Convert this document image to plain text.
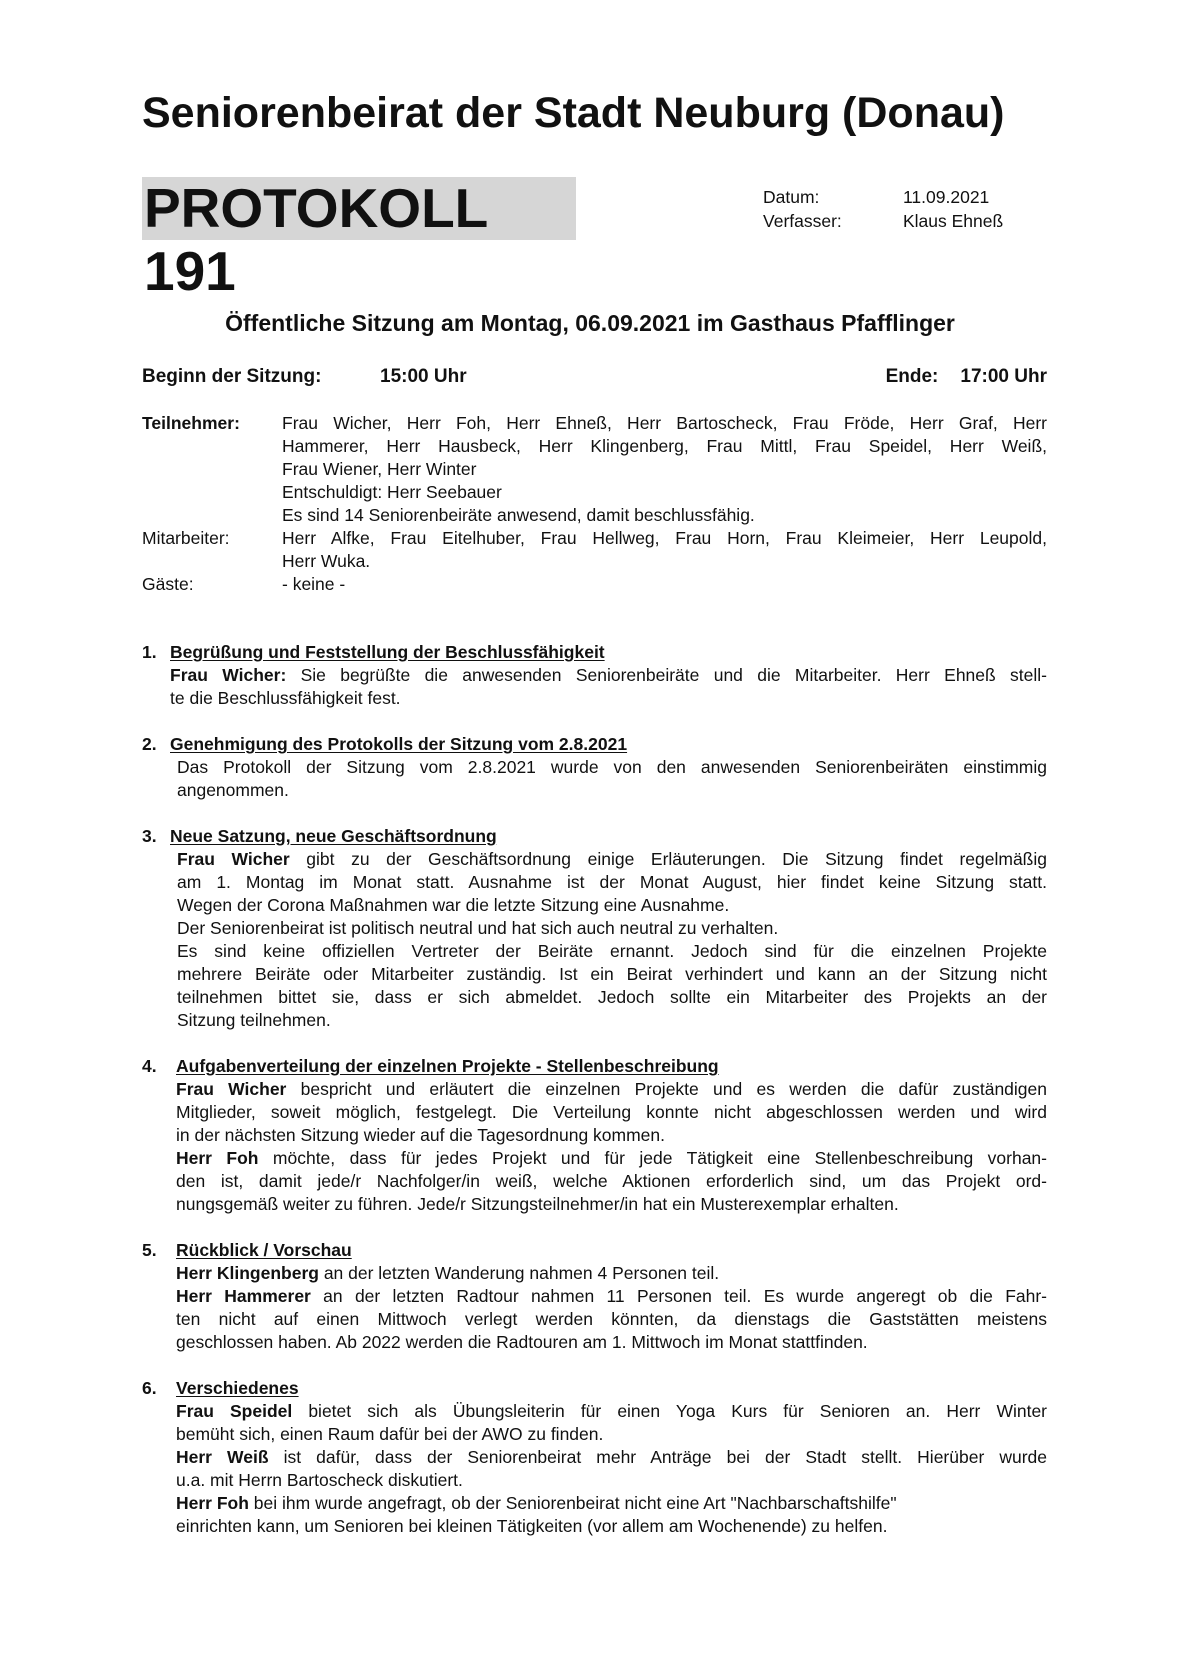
Seniorenbeirat der Stadt Neuburg (Donau)
PROTOKOLL 191
Datum:	11.09.2021
Verfasser:	Klaus Ehneß
Öffentliche Sitzung am Montag, 06.09.2021 im Gasthaus Pfafflinger
Beginn der Sitzung:	15:00 Uhr	Ende: 17:00 Uhr
Teilnehmer:	Frau Wicher, Herr Foh, Herr Ehneß, Herr Bartoscheck, Frau Fröde, Herr Graf, Herr
Hammerer, Herr Hausbeck, Herr Klingenberg, Frau Mittl, Frau Speidel, Herr Weiß,
Frau Wiener, Herr Winter
Entschuldigt: Herr Seebauer
Es sind 14 Seniorenbeiräte anwesend, damit beschlussfähig.
Mitarbeiter:	Herr Alfke, Frau Eitelhuber, Frau Hellweg, Frau Horn, Frau Kleimeier, Herr Leupold,
Herr Wuka.
Gäste:	- keine -
1. Begrüßung und Feststellung der Beschlussfähigkeit
Frau Wicher: Sie begrüßte die anwesenden Seniorenbeiräte und die Mitarbeiter. Herr Ehneß stell-
te die Beschlussfähigkeit fest.
2. Genehmigung des Protokolls der Sitzung vom 2.8.2021
Das Protokoll der Sitzung vom 2.8.2021 wurde von den anwesenden Seniorenbeiräten einstimmig
angenommen.
3. Neue Satzung, neue Geschäftsordnung
Frau Wicher gibt zu der Geschäftsordnung einige Erläuterungen. Die Sitzung findet regelmäßig
am 1. Montag im Monat statt. Ausnahme ist der Monat August, hier findet keine Sitzung statt.
Wegen der Corona Maßnahmen war die letzte Sitzung eine Ausnahme.
Der Seniorenbeirat ist politisch neutral und hat sich auch neutral zu verhalten.
Es sind keine offiziellen Vertreter der Beiräte ernannt. Jedoch sind für die einzelnen Projekte
mehrere Beiräte oder Mitarbeiter zuständig. Ist ein Beirat verhindert und kann an der Sitzung nicht
teilnehmen bittet sie, dass er sich abmeldet. Jedoch sollte ein Mitarbeiter des Projekts an der
Sitzung teilnehmen.
4.	Aufgabenverteilung der einzelnen Projekte - Stellenbeschreibung
Frau Wicher bespricht und erläutert die einzelnen Projekte und es werden die dafür zuständigen
Mitglieder, soweit möglich, festgelegt. Die Verteilung konnte nicht abgeschlossen werden und wird
in der nächsten Sitzung wieder auf die Tagesordnung kommen.
Herr Foh möchte, dass für jedes Projekt und für jede Tätigkeit eine Stellenbeschreibung vorhan-
den ist, damit jede/r Nachfolger/in weiß, welche Aktionen erforderlich sind, um das Projekt ord-
nungsgemäß weiter zu führen. Jede/r Sitzungsteilnehmer/in hat ein Musterexemplar erhalten.
5.	Rückblick / Vorschau
Herr Klingenberg an der letzten Wanderung nahmen 4 Personen teil.
Herr Hammerer an der letzten Radtour nahmen 11 Personen teil. Es wurde angeregt ob die Fahr-
ten nicht auf einen Mittwoch verlegt werden könnten, da dienstags die Gaststätten meistens
geschlossen haben. Ab 2022 werden die Radtouren am 1. Mittwoch im Monat stattfinden.
6.	Verschiedenes
Frau Speidel bietet sich als Übungsleiterin für einen Yoga Kurs für Senioren an. Herr Winter
bemüht sich, einen Raum dafür bei der AWO zu finden.
Herr Weiß ist dafür, dass der Seniorenbeirat mehr Anträge bei der Stadt stellt. Hierüber wurde
u.a. mit Herrn Bartoscheck diskutiert.
Herr Foh bei ihm wurde angefragt, ob der Seniorenbeirat nicht eine Art "Nachbarschaftshilfe"
einrichten kann, um Senioren bei kleinen Tätigkeiten (vor allem am Wochenende) zu helfen.
